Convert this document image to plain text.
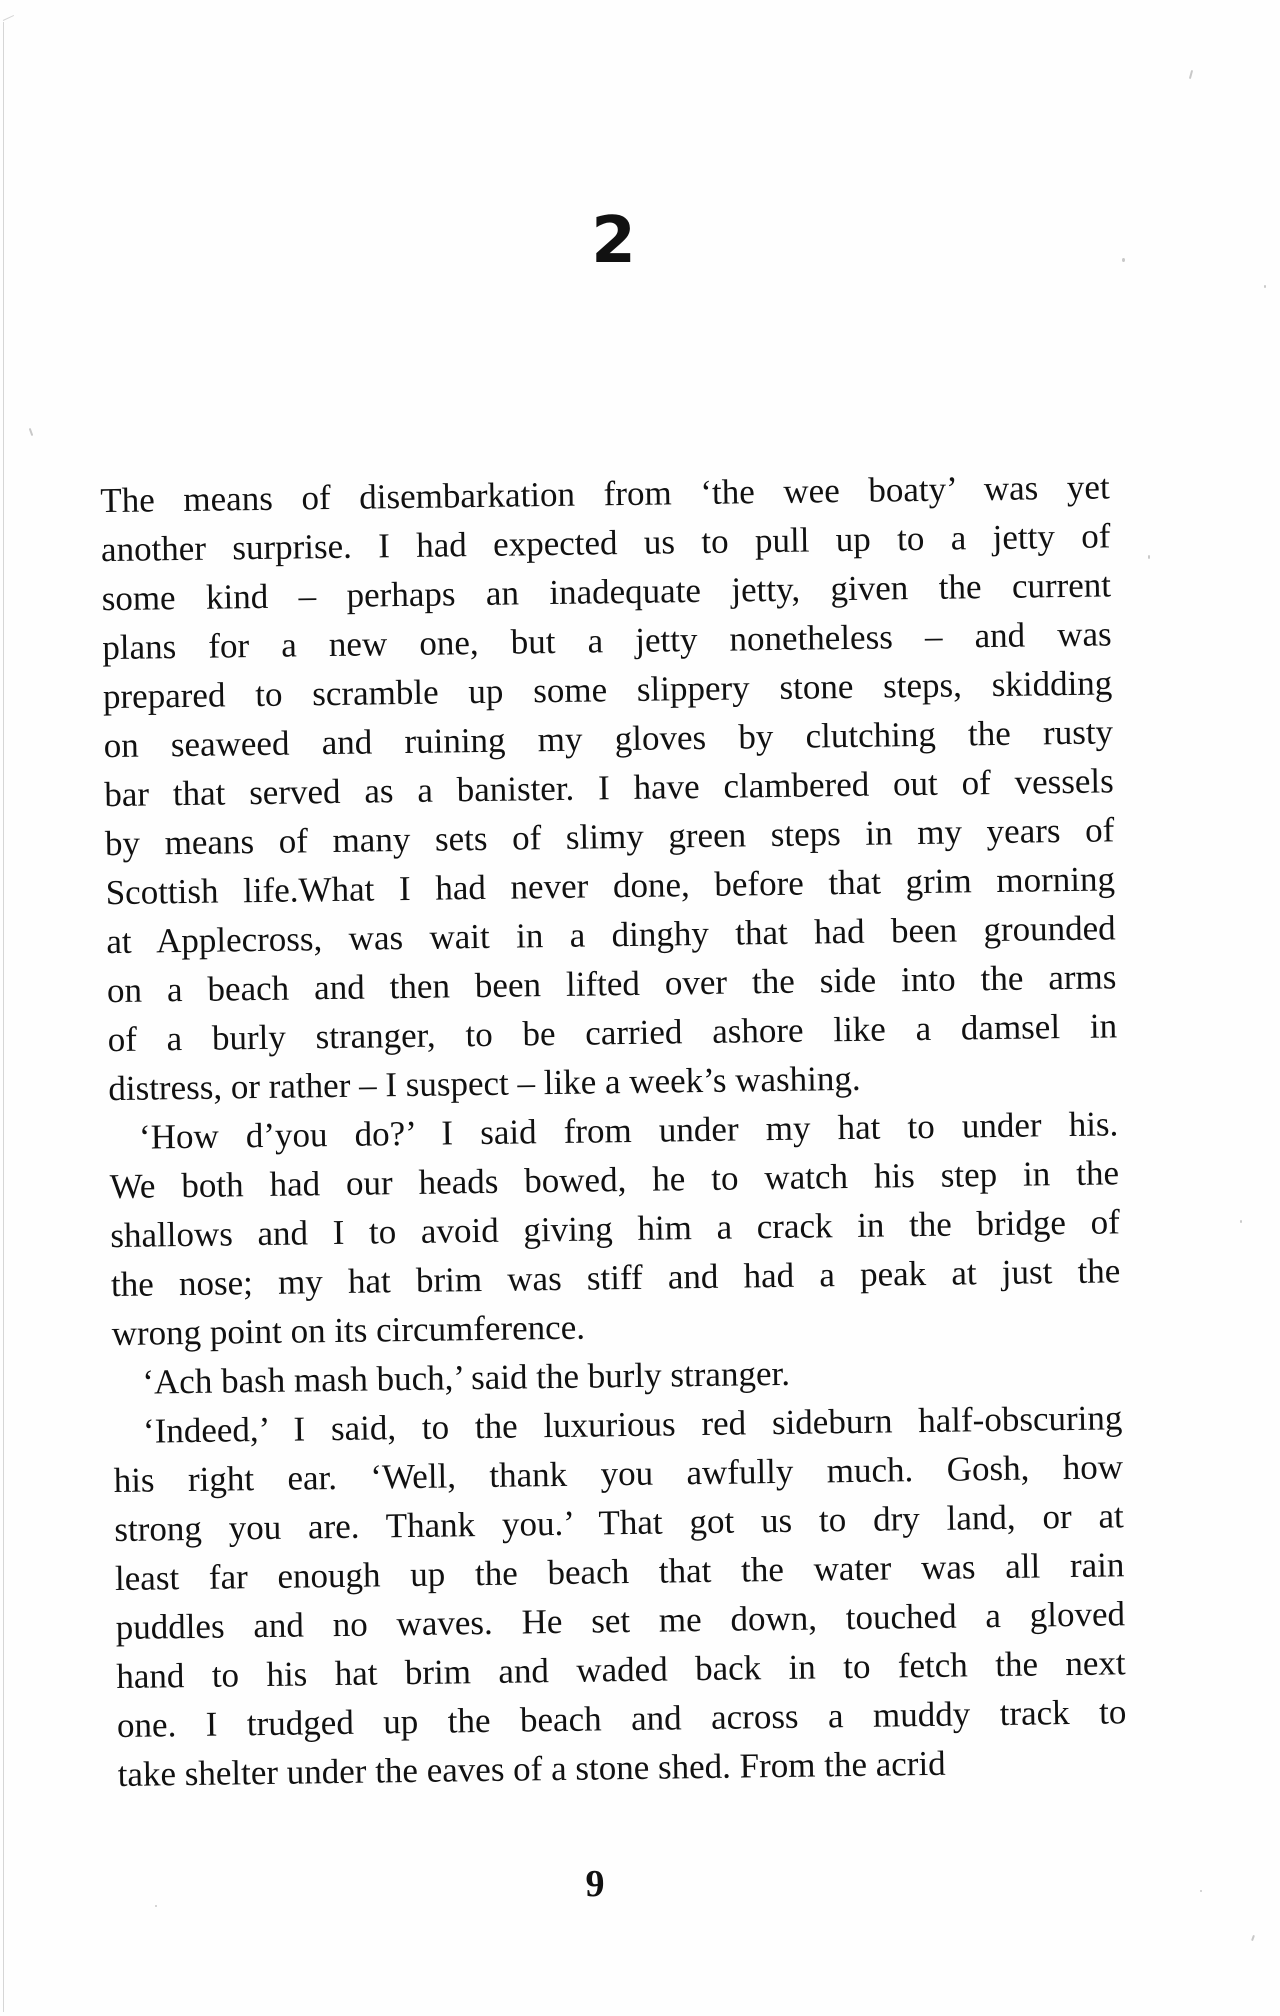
2
The means of disembarkation from ‘the wee boaty’ was yet
another surprise. I had expected us to pull up to a jetty of
some kind – perhaps an inadequate jetty, given the current
plans for a new one, but a jetty nonetheless – and was
prepared to scramble up some slippery stone steps, skidding
on seaweed and ruining my gloves by clutching the rusty
bar that served as a banister. I have clambered out of vessels
by means of many sets of slimy green steps in my years of
Scottish life.What I had never done, before that grim morning
at Applecross, was wait in a dinghy that had been grounded
on a beach and then been lifted over the side into the arms
of a burly stranger, to be carried ashore like a damsel in
distress, or rather – I suspect – like a week’s washing.
‘How d’you do?’ I said from under my hat to under his.
We both had our heads bowed, he to watch his step in the
shallows and I to avoid giving him a crack in the bridge of
the nose; my hat brim was stiff and had a peak at just the
wrong point on its circumference.
‘Ach bash mash buch,’ said the burly stranger.
‘Indeed,’ I said, to the luxurious red sideburn half-obscuring
his right ear. ‘Well, thank you awfully much. Gosh, how
strong you are. Thank you.’ That got us to dry land, or at
least far enough up the beach that the water was all rain
puddles and no waves. He set me down, touched a gloved
hand to his hat brim and waded back in to fetch the next
one. I trudged up the beach and across a muddy track to
take shelter under the eaves of a stone shed. From the acrid
9
